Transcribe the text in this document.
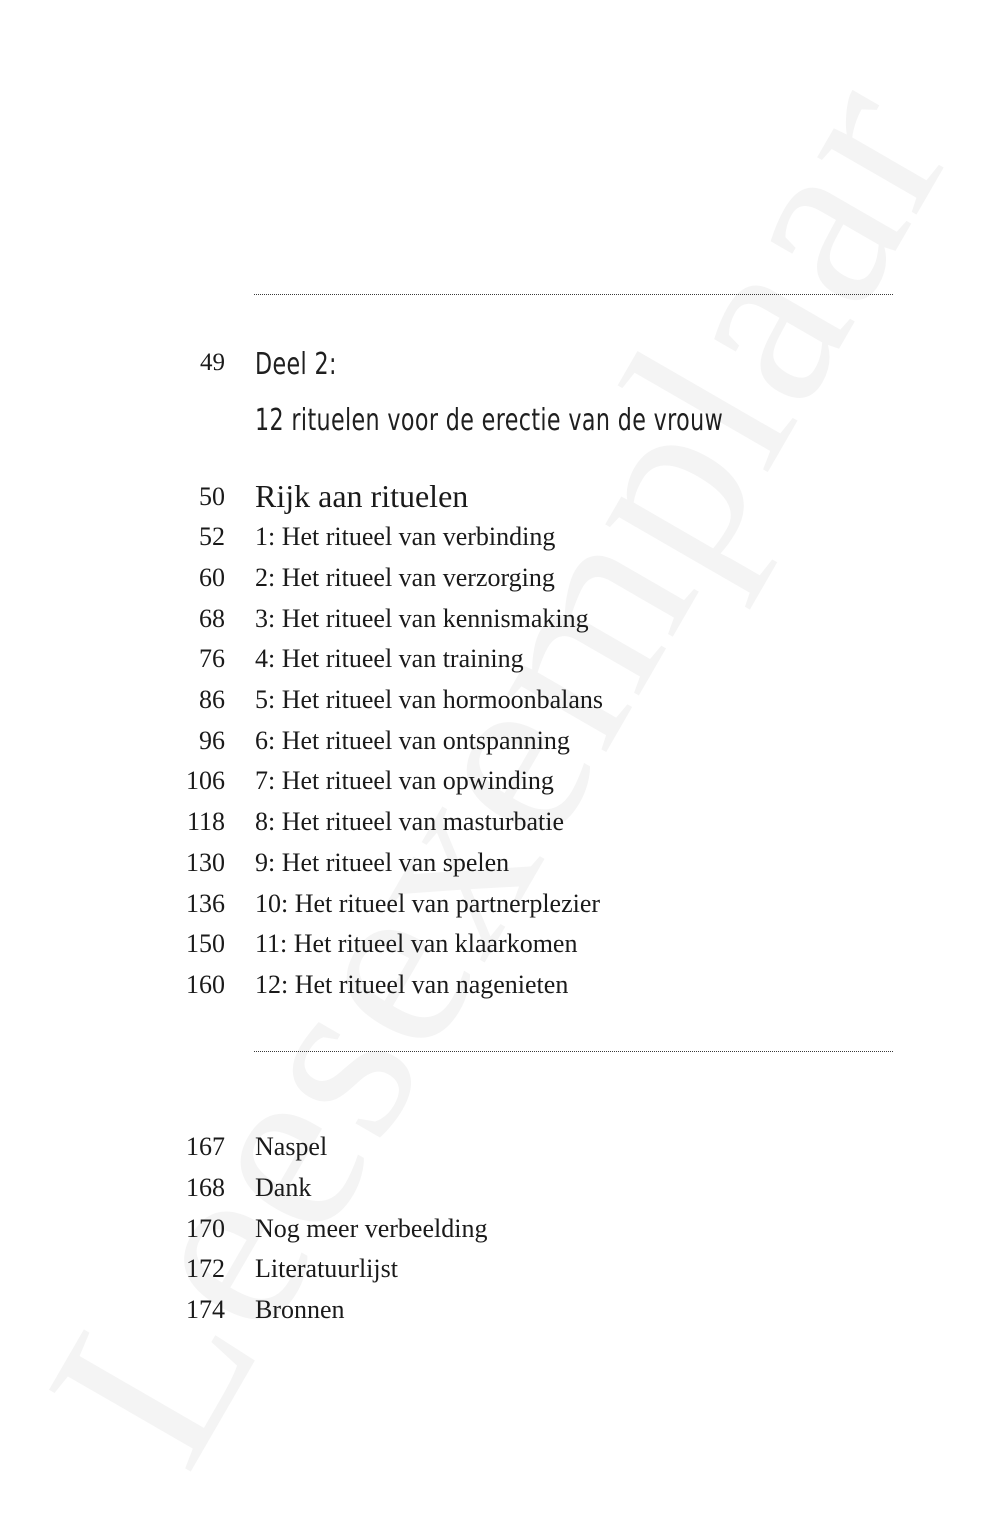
49 Deel 2:
12 rituelen voor de erectie van de vrouw
50 Rijk aan rituelen
52 1: Het ritueel van verbinding
60 2: Het ritueel van verzorging
68 3: Het ritueel van kennismaking
76 4: Het ritueel van training
86 5: Het ritueel van hormoonbalans
96 6: Het ritueel van ontspanning
106 7: Het ritueel van opwinding
118 8: Het ritueel van masturbatie
130 9: Het ritueel van spelen
136 10: Het ritueel van partnerplezier
150 11: Het ritueel van klaarkomen
160 12: Het ritueel van nagenieten
167 Naspel
168 Dank
170 Nog meer verbeelding
172 Literatuurlijst
174 Bronnen
